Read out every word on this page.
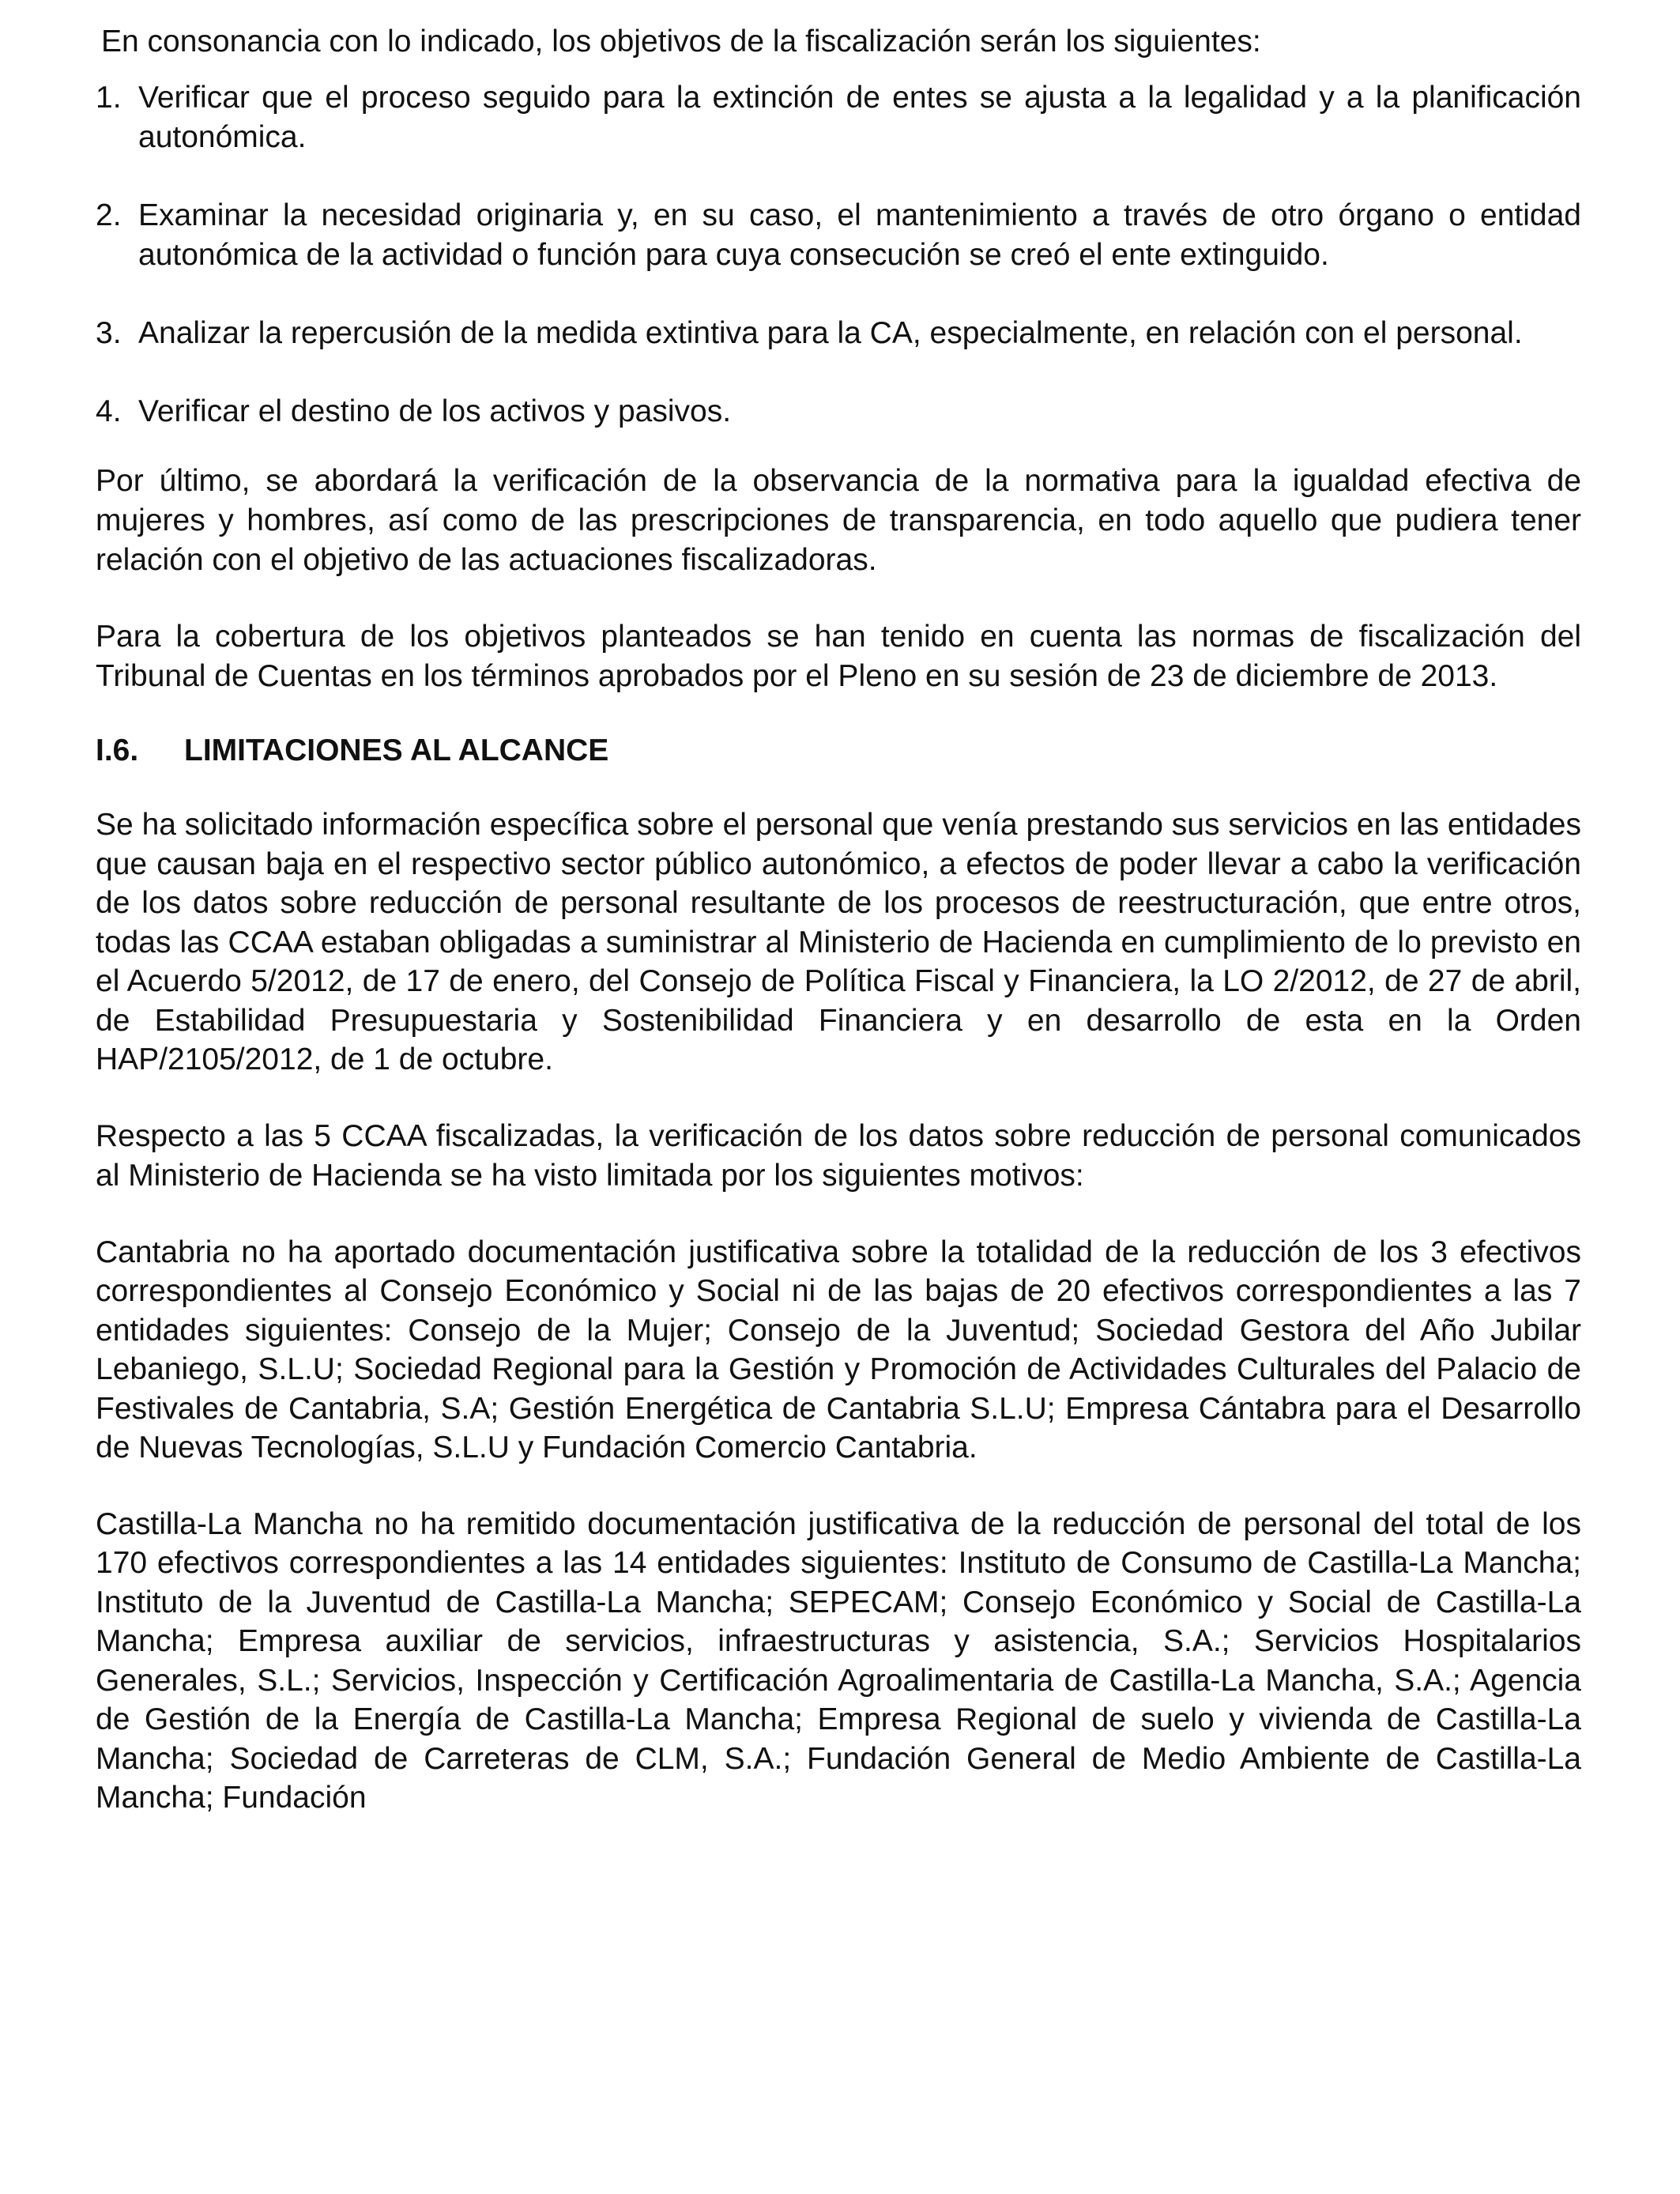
En consonancia con lo indicado, los objetivos de la fiscalización serán los siguientes:
1. Verificar que el proceso seguido para la extinción de entes se ajusta a la legalidad y a la planificación autonómica.
2. Examinar la necesidad originaria y, en su caso, el mantenimiento a través de otro órgano o entidad autonómica de la actividad o función para cuya consecución se creó el ente extinguido.
3. Analizar la repercusión de la medida extintiva para la CA, especialmente, en relación con el personal.
4. Verificar el destino de los activos y pasivos.

Por último, se abordará la verificación de la observancia de la normativa para la igualdad efectiva de mujeres y hombres, así como de las prescripciones de transparencia, en todo aquello que pudiera tener relación con el objetivo de las actuaciones fiscalizadoras.

Para la cobertura de los objetivos planteados se han tenido en cuenta las normas de fiscalización del Tribunal de Cuentas en los términos aprobados por el Pleno en su sesión de 23 de diciembre de 2013.

I.6. LIMITACIONES AL ALCANCE

Se ha solicitado información específica sobre el personal que venía prestando sus servicios en las entidades que causan baja en el respectivo sector público autonómico, a efectos de poder llevar a cabo la verificación de los datos sobre reducción de personal resultante de los procesos de reestructuración, que entre otros, todas las CCAA estaban obligadas a suministrar al Ministerio de Hacienda en cumplimiento de lo previsto en el Acuerdo 5/2012, de 17 de enero, del Consejo de Política Fiscal y Financiera, la LO 2/2012, de 27 de abril, de Estabilidad Presupuestaria y Sostenibilidad Financiera y en desarrollo de esta en la Orden HAP/2105/2012, de 1 de octubre.

Respecto a las 5 CCAA fiscalizadas, la verificación de los datos sobre reducción de personal comunicados al Ministerio de Hacienda se ha visto limitada por los siguientes motivos:

Cantabria no ha aportado documentación justificativa sobre la totalidad de la reducción de los 3 efectivos correspondientes al Consejo Económico y Social ni de las bajas de 20 efectivos correspondientes a las 7 entidades siguientes: Consejo de la Mujer; Consejo de la Juventud; Sociedad Gestora del Año Jubilar Lebaniego, S.L.U; Sociedad Regional para la Gestión y Promoción de Actividades Culturales del Palacio de Festivales de Cantabria, S.A; Gestión Energética de Cantabria S.L.U; Empresa Cántabra para el Desarrollo de Nuevas Tecnologías, S.L.U y Fundación Comercio Cantabria.

Castilla-La Mancha no ha remitido documentación justificativa de la reducción de personal del total de los 170 efectivos correspondientes a las 14 entidades siguientes: Instituto de Consumo de Castilla-La Mancha; Instituto de la Juventud de Castilla-La Mancha; SEPECAM; Consejo Económico y Social de Castilla-La Mancha; Empresa auxiliar de servicios, infraestructuras y asistencia, S.A.; Servicios Hospitalarios Generales, S.L.; Servicios, Inspección y Certificación Agroalimentaria de Castilla-La Mancha, S.A.; Agencia de Gestión de la Energía de Castilla-La Mancha; Empresa Regional de suelo y vivienda de Castilla-La Mancha; Sociedad de Carreteras de CLM, S.A.; Fundación General de Medio Ambiente de Castilla-La Mancha; Fundación
